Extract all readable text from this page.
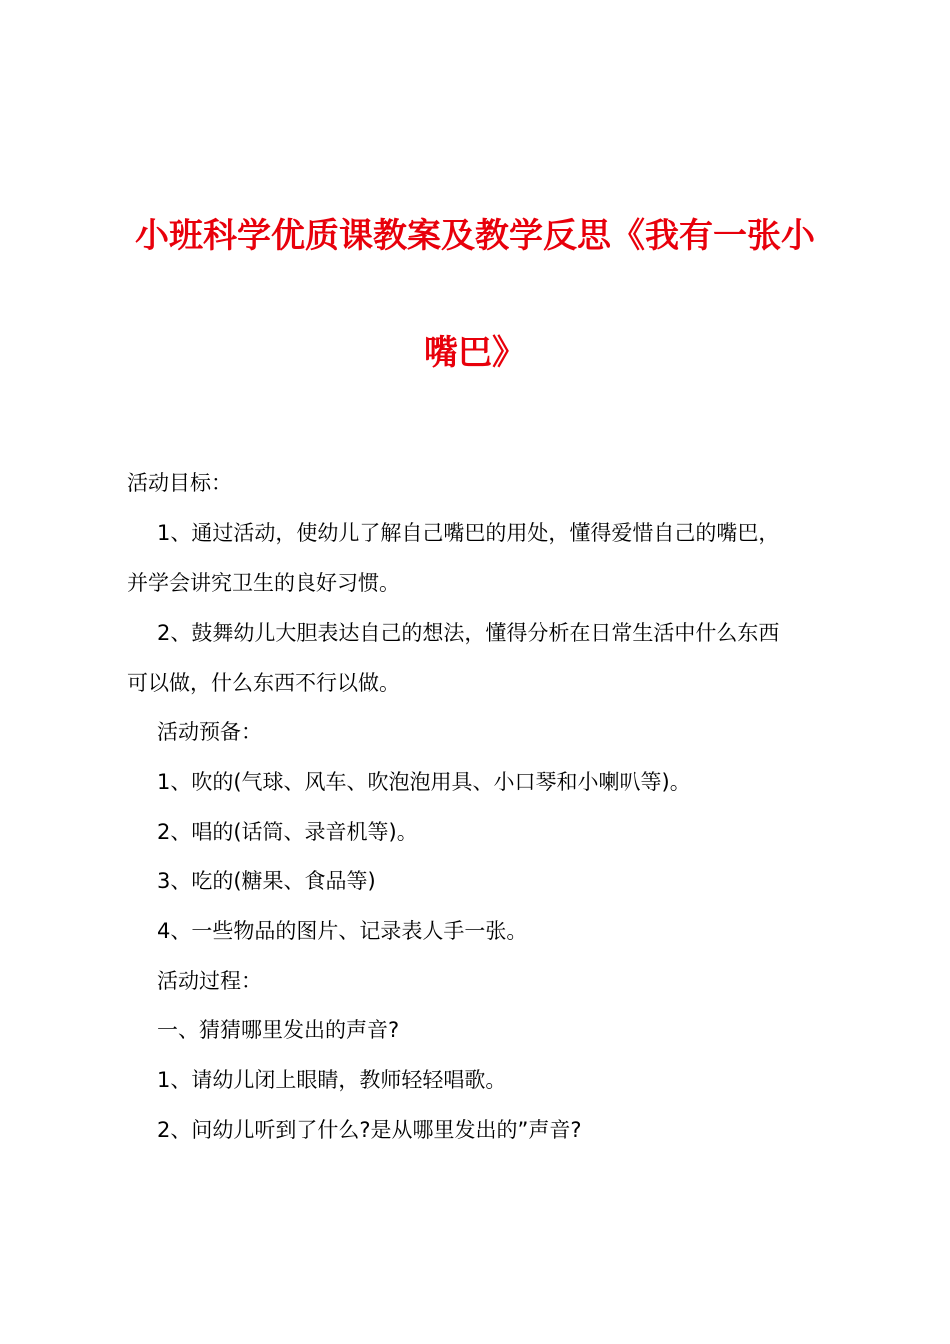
小班科学优质课教案及教学反思《我有一张小
嘴巴》

活动目标：

1、通过活动，使幼儿了解自己嘴巴的用处，懂得爱惜自己的嘴巴，

并学会讲究卫生的良好习惯。

2、鼓舞幼儿大胆表达自己的想法，懂得分析在日常生活中什么东西

可以做，什么东西不行以做。

活动预备：

1、吹的(气球、风车、吹泡泡用具、小口琴和小喇叭等)。

2、唱的(话筒、录音机等)。

3、吃的(糖果、食品等)

4、一些物品的图片、记录表人手一张。

活动过程：

一、猜猜哪里发出的声音?

1、请幼儿闭上眼睛，教师轻轻唱歌。

2、问幼儿听到了什么?是从哪里发出的”声音?
